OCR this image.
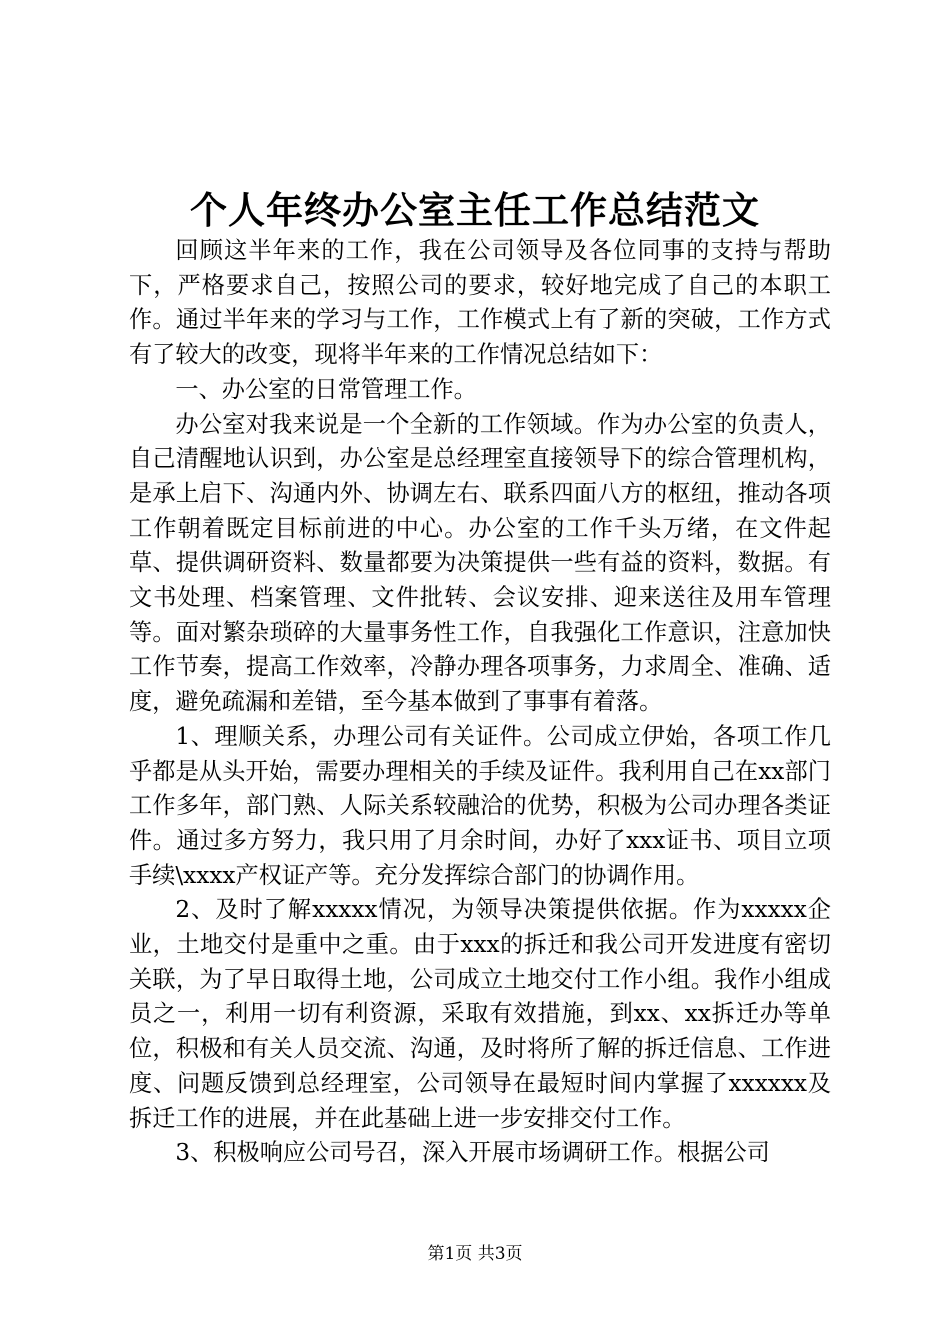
个人年终办公室主任工作总结范文

回顾这半年来的工作，我在公司领导及各位同事的支持与帮助下，严格要求自己，按照公司的要求，较好地完成了自己的本职工作。通过半年来的学习与工作，工作模式上有了新的突破，工作方式有了较大的改变，现将半年来的工作情况总结如下：

一、办公室的日常管理工作。

办公室对我来说是一个全新的工作领域。作为办公室的负责人，自己清醒地认识到，办公室是总经理室直接领导下的综合管理机构，是承上启下、沟通内外、协调左右、联系四面八方的枢纽，推动各项工作朝着既定目标前进的中心。办公室的工作千头万绪，在文件起草、提供调研资料、数量都要为决策提供一些有益的资料，数据。有文书处理、档案管理、文件批转、会议安排、迎来送往及用车管理等。面对繁杂琐碎的大量事务性工作，自我强化工作意识，注意加快工作节奏，提高工作效率，冷静办理各项事务，力求周全、准确、适度，避免疏漏和差错，至今基本做到了事事有着落。

1、理顺关系，办理公司有关证件。公司成立伊始，各项工作几乎都是从头开始，需要办理相关的手续及证件。我利用自己在xx部门工作多年，部门熟、人际关系较融洽的优势，积极为公司办理各类证件。通过多方努力，我只用了月余时间，办好了xxx证书、项目立项手续\xxxx产权证产等。充分发挥综合部门的协调作用。

2、及时了解xxxxx情况，为领导决策提供依据。作为xxxxx企业，土地交付是重中之重。由于xxx的拆迁和我公司开发进度有密切关联，为了早日取得土地，公司成立土地交付工作小组。我作小组成员之一，利用一切有利资源，采取有效措施，到xx、xx拆迁办等单位，积极和有关人员交流、沟通，及时将所了解的拆迁信息、工作进度、问题反馈到总经理室，公司领导在最短时间内掌握了xxxxxx及拆迁工作的进展，并在此基础上进一步安排交付工作。

3、积极响应公司号召，深入开展市场调研工作。根据公司

第1页 共3页
